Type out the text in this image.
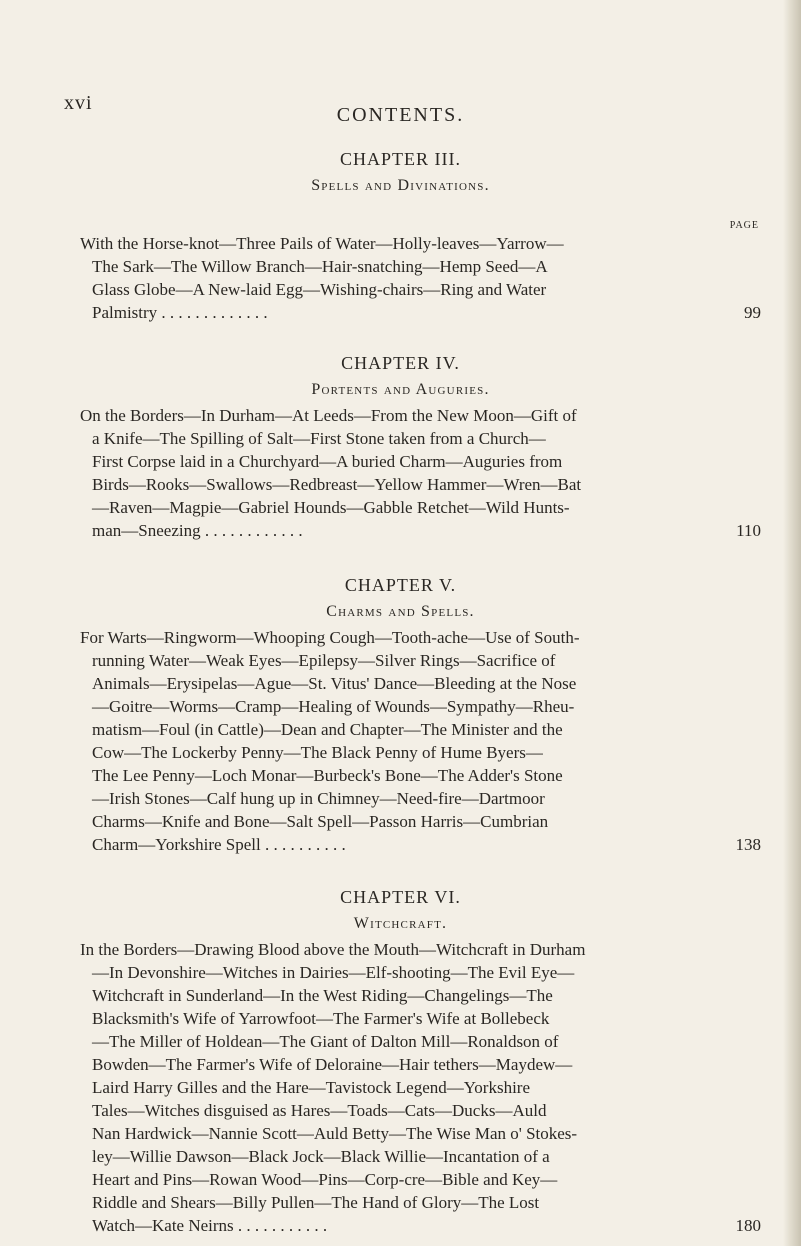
xvi
CONTENTS.

CHAPTER III.

Spells and Divinations.

PAGE
With the Horse-knot—Three Pails of Water—Holly-leaves—Yarrow—
The Sark—The Willow Branch—Hair-snatching—Hemp Seed—A
Glass Globe—A New-laid Egg—Wishing-chairs—Ring and Water
Palmistry . . . . . . . . . . . . .	99

CHAPTER IV.

Portents and Auguries.

On the Borders—In Durham—At Leeds—From the New Moon—Gift of
a Knife—The Spilling of Salt—First Stone taken from a Church—
First Corpse laid in a Churchyard—A buried Charm—Auguries from
Birds—Rooks—Swallows—Redbreast—Yellow Hammer—Wren—Bat
—Raven—Magpie—Gabriel Hounds—Gabble Retchet—Wild Hunts-
man—Sneezing . . . . . . . . . . . .	110

CHAPTER V.

Charms and Spells.

For Warts—Ringworm—Whooping Cough—Tooth-ache—Use of South-
running Water—Weak Eyes—Epilepsy—Silver Rings—Sacrifice of
Animals—Erysipelas—Ague—St. Vitus' Dance—Bleeding at the Nose
—Goitre—Worms—Cramp—Healing of Wounds—Sympathy—Rheu-
matism—Foul (in Cattle)—Dean and Chapter—The Minister and the
Cow—The Lockerby Penny—The Black Penny of Hume Byers—
The Lee Penny—Loch Monar—Burbeck's Bone—The Adder's Stone
—Irish Stones—Calf hung up in Chimney—Need-fire—Dartmoor
Charms—Knife and Bone—Salt Spell—Passon Harris—Cumbrian
Charm—Yorkshire Spell . . . . . . . . . .	138

CHAPTER VI.

Witchcraft.

In the Borders—Drawing Blood above the Mouth—Witchcraft in Durham
—In Devonshire—Witches in Dairies—Elf-shooting—The Evil Eye—
Witchcraft in Sunderland—In the West Riding—Changelings—The
Blacksmith's Wife of Yarrowfoot—The Farmer's Wife at Bollebeck
—The Miller of Holdean—The Giant of Dalton Mill—Ronaldson of
Bowden—The Farmer's Wife of Deloraine—Hair tethers—Maydew—
Laird Harry Gilles and the Hare—Tavistock Legend—Yorkshire
Tales—Witches disguised as Hares—Toads—Cats—Ducks—Auld
Nan Hardwick—Nannie Scott—Auld Betty—The Wise Man o' Stokes-
ley—Willie Dawson—Black Jock—Black Willie—Incantation of a
Heart and Pins—Rowan Wood—Pins—Corp-cre—Bible and Key—
Riddle and Shears—Billy Pullen—The Hand of Glory—The Lost
Watch—Kate Neirns . . . . . . . . . . .	180
